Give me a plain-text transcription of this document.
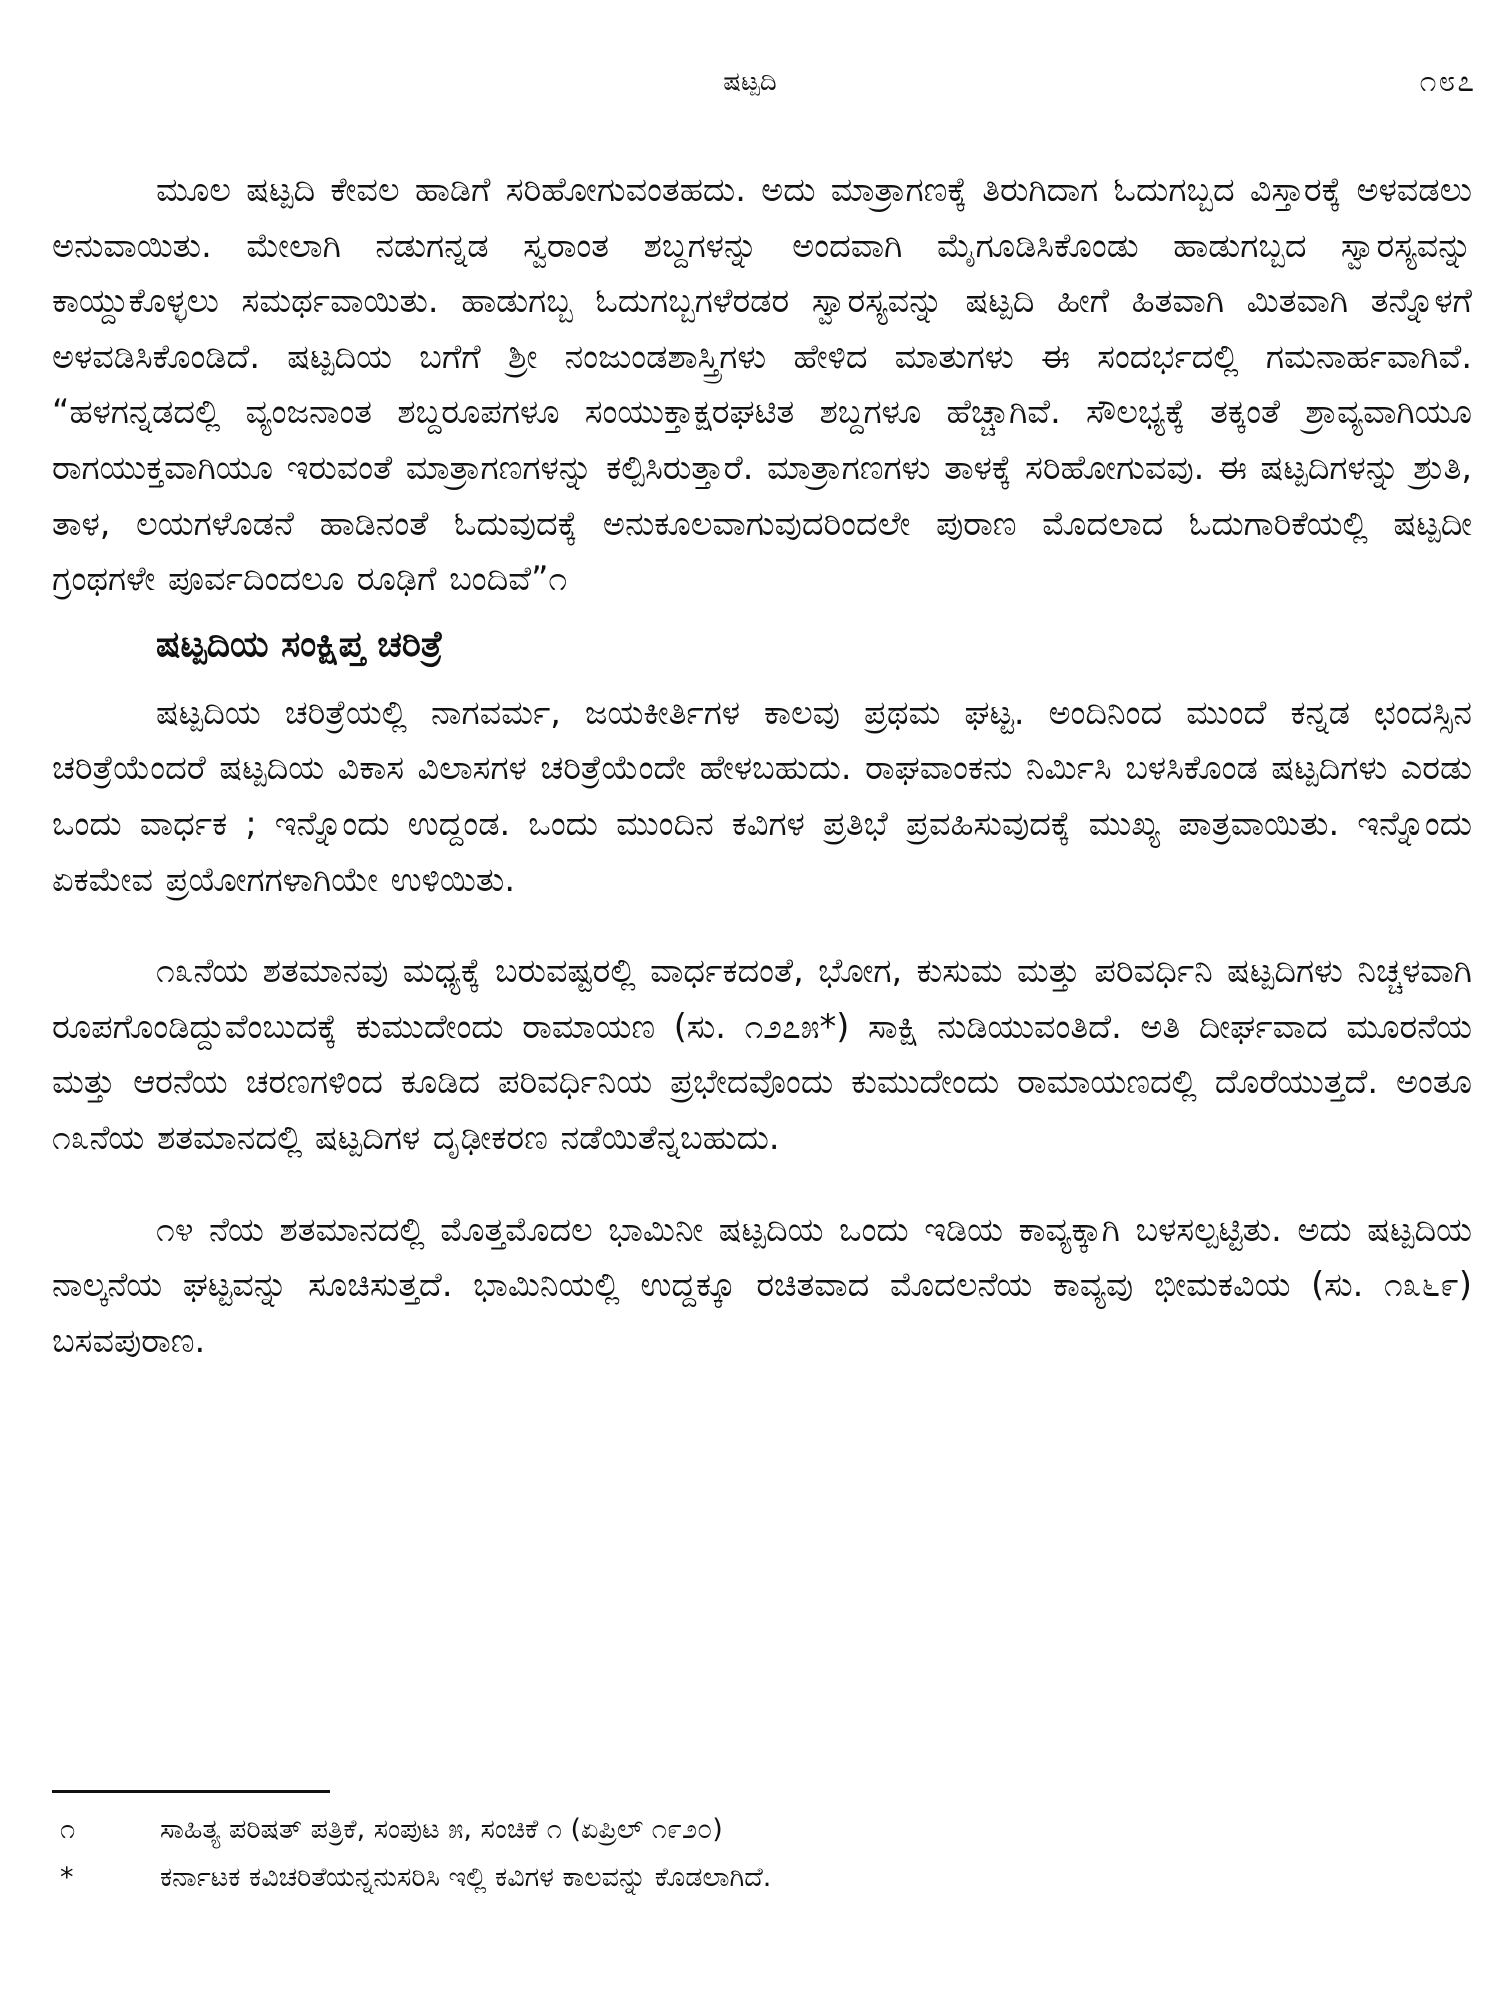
ಷಟ್ಪದಿ	೧೮೭

ಮೂಲ ಷಟ್ಪದಿ ಕೇವಲ ಹಾಡಿಗೆ ಸರಿಹೋಗುವಂತಹದು. ಅದು ಮಾತ್ರಾಗಣಕ್ಕೆ ತಿರುಗಿದಾಗ ಓದುಗಬ್ಬದ ವಿಸ್ತಾರಕ್ಕೆ ಅಳವಡಲು ಅನುವಾಯಿತು. ಮೇಲಾಗಿ ನಡುಗನ್ನಡ ಸ್ವರಾಂತ ಶಬ್ದಗಳನ್ನು ಅಂದವಾಗಿ ಮೈಗೂಡಿಸಿಕೊಂಡು ಹಾಡುಗಬ್ಬದ ಸ್ವಾರಸ್ಯವನ್ನು ಕಾಯ್ದುಕೊಳ್ಳಲು ಸಮರ್ಥವಾಯಿತು. ಹಾಡುಗಬ್ಬ ಓದುಗಬ್ಬಗಳೆರಡರ ಸ್ವಾರಸ್ಯವನ್ನು ಷಟ್ಪದಿ ಹೀಗೆ ಹಿತವಾಗಿ ಮಿತವಾಗಿ ತನ್ನೊಳಗೆ ಅಳವಡಿಸಿಕೊಂಡಿದೆ. ಷಟ್ಪದಿಯ ಬಗೆಗೆ ಶ್ರೀ ನಂಜುಂಡಶಾಸ್ತ್ರಿಗಳು ಹೇಳಿದ ಮಾತುಗಳು ಈ ಸಂದರ್ಭದಲ್ಲಿ ಗಮನಾರ್ಹವಾಗಿವೆ. “ಹಳಗನ್ನಡದಲ್ಲಿ ವ್ಯಂಜನಾಂತ ಶಬ್ದರೂಪಗಳೂ ಸಂಯುಕ್ತಾಕ್ಷರಘಟಿತ ಶಬ್ದಗಳೂ ಹೆಚ್ಚಾಗಿವೆ. ಸೌಲಭ್ಯಕ್ಕೆ ತಕ್ಕಂತೆ ಶ್ರಾವ್ಯವಾಗಿಯೂ ರಾಗಯುಕ್ತವಾಗಿಯೂ ಇರುವಂತೆ ಮಾತ್ರಾಗಣಗಳನ್ನು ಕಲ್ಪಿಸಿರುತ್ತಾರೆ. ಮಾತ್ರಾಗಣಗಳು ತಾಳಕ್ಕೆ ಸರಿಹೋಗುವವು. ಈ ಷಟ್ಪದಿಗಳನ್ನು ಶ್ರುತಿ, ತಾಳ, ಲಯಗಳೊಡನೆ ಹಾಡಿನಂತೆ ಓದುವುದಕ್ಕೆ ಅನುಕೂಲವಾಗುವುದರಿಂದಲೇ ಪುರಾಣ ಮೊದಲಾದ ಓದುಗಾರಿಕೆಯಲ್ಲಿ ಷಟ್ಪದೀ ಗ್ರಂಥಗಳೇ ಪೂರ್ವದಿಂದಲೂ ರೂಢಿಗೆ ಬಂದಿವೆ”೧

ಷಟ್ಪದಿಯ ಸಂಕ್ಷಿಪ್ತ ಚರಿತ್ರೆ

ಷಟ್ಪದಿಯ ಚರಿತ್ರೆಯಲ್ಲಿ ನಾಗವರ್ಮ, ಜಯಕೀರ್ತಿಗಳ ಕಾಲವು ಪ್ರಥಮ ಘಟ್ಟ. ಅಂದಿನಿಂದ ಮುಂದೆ ಕನ್ನಡ ಛಂದಸ್ಸಿನ ಚರಿತ್ರೆಯೆಂದರೆ ಷಟ್ಪದಿಯ ವಿಕಾಸ ವಿಲಾಸಗಳ ಚರಿತ್ರೆಯೆಂದೇ ಹೇಳಬಹುದು. ರಾಘವಾಂಕನು ನಿರ್ಮಿಸಿ ಬಳಸಿಕೊಂಡ ಷಟ್ಪದಿಗಳು ಎರಡು ಒಂದು ವಾರ್ಧಕ ; ಇನ್ನೊಂದು ಉದ್ದಂಡ. ಒಂದು ಮುಂದಿನ ಕವಿಗಳ ಪ್ರತಿಭೆ ಪ್ರವಹಿಸುವುದಕ್ಕೆ ಮುಖ್ಯ ಪಾತ್ರವಾಯಿತು. ಇನ್ನೊಂದು ಏಕಮೇವ ಪ್ರಯೋಗಗಳಾಗಿಯೇ ಉಳಿಯಿತು.

೧೩ನೆಯ ಶತಮಾನವು ಮಧ್ಯಕ್ಕೆ ಬರುವಷ್ಟರಲ್ಲಿ ವಾರ್ಧಕದಂತೆ, ಭೋಗ, ಕುಸುಮ ಮತ್ತು ಪರಿವರ್ಧಿನಿ ಷಟ್ಪದಿಗಳು ನಿಚ್ಚಳವಾಗಿ ರೂಪಗೊಂಡಿದ್ದುವೆಂಬುದಕ್ಕೆ ಕುಮುದೇಂದು ರಾಮಾಯಣ (ಸು. ೧೨೭೫*) ಸಾಕ್ಷಿ ನುಡಿಯುವಂತಿದೆ. ಅತಿ ದೀರ್ಘವಾದ ಮೂರನೆಯ ಮತ್ತು ಆರನೆಯ ಚರಣಗಳಿಂದ ಕೂಡಿದ ಪರಿವರ್ಧಿನಿಯ ಪ್ರಭೇದವೊಂದು ಕುಮುದೇಂದು ರಾಮಾಯಣದಲ್ಲಿ ದೊರೆಯುತ್ತದೆ. ಅಂತೂ ೧೩ನೆಯ ಶತಮಾನದಲ್ಲಿ ಷಟ್ಪದಿಗಳ ದೃಢೀಕರಣ ನಡೆಯಿತೆನ್ನಬಹುದು.

೧೪ ನೆಯ ಶತಮಾನದಲ್ಲಿ ಮೊತ್ತಮೊದಲ ಭಾಮಿನೀ ಷಟ್ಪದಿಯ ಒಂದು ಇಡಿಯ ಕಾವ್ಯಕ್ಕಾಗಿ ಬಳಸಲ್ಪಟ್ಟಿತು. ಅದು ಷಟ್ಪದಿಯ ನಾಲ್ಕನೆಯ ಘಟ್ಟವನ್ನು ಸೂಚಿಸುತ್ತದೆ. ಭಾಮಿನಿಯಲ್ಲಿ ಉದ್ದಕ್ಕೂ ರಚಿತವಾದ ಮೊದಲನೆಯ ಕಾವ್ಯವು ಭೀಮಕವಿಯ (ಸು. ೧೩೬೯) ಬಸವಪುರಾಣ.

೧	ಸಾಹಿತ್ಯ ಪರಿಷತ್ ಪತ್ರಿಕೆ, ಸಂಪುಟ ೫, ಸಂಚಿಕೆ ೧ (ಏಪ್ರಿಲ್ ೧೯೨೦)
*	ಕರ್ನಾಟಕ ಕವಿಚರಿತೆಯನ್ನನುಸರಿಸಿ ಇಲ್ಲಿ ಕವಿಗಳ ಕಾಲವನ್ನು ಕೊಡಲಾಗಿದೆ.
